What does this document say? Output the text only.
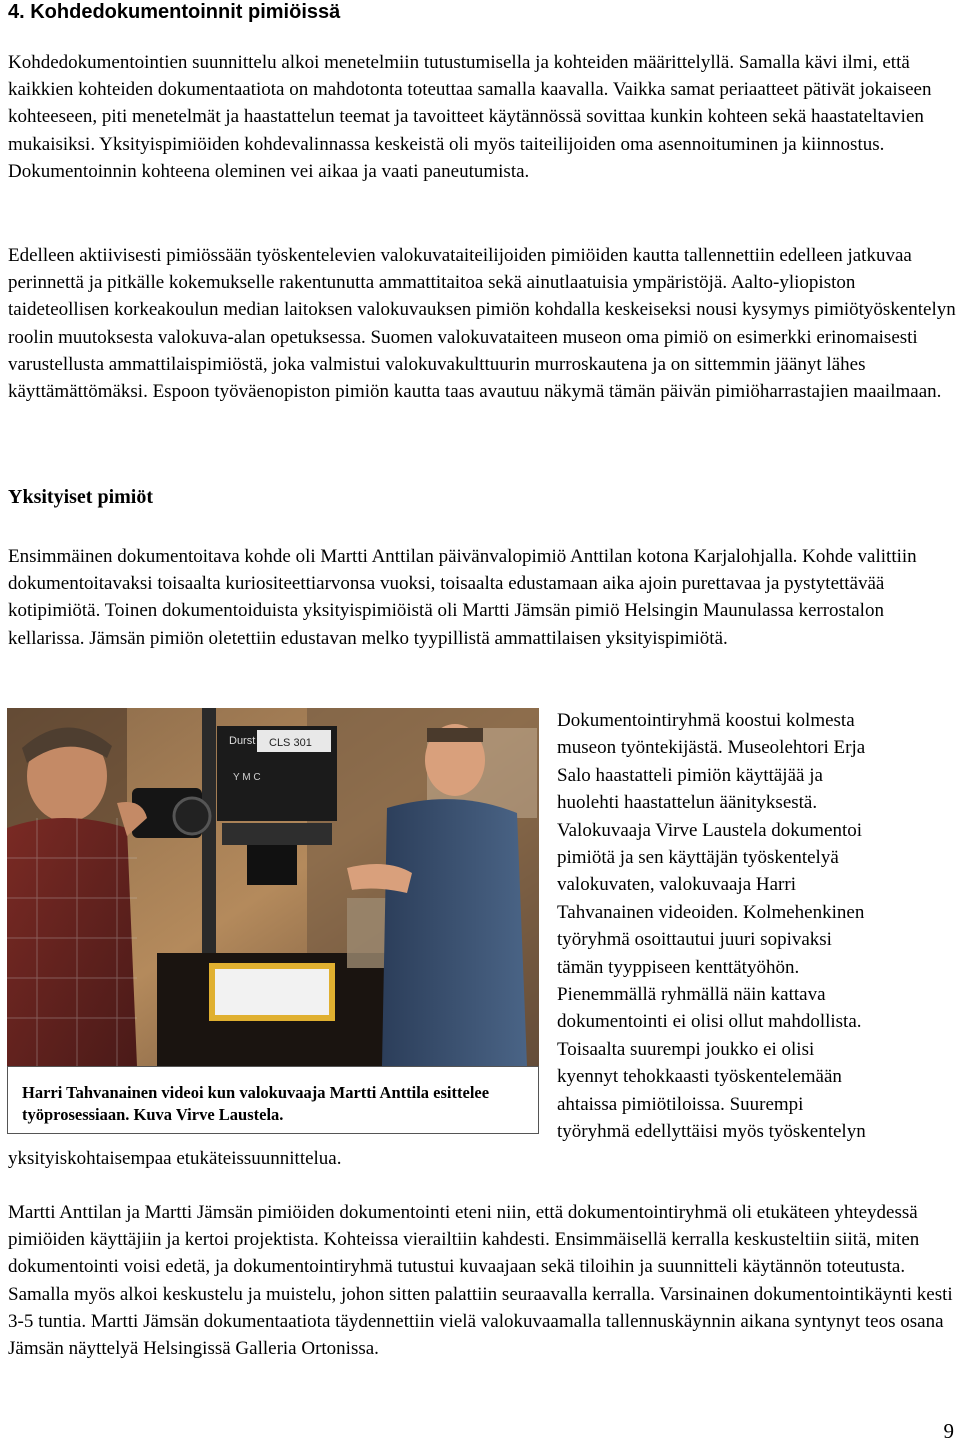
4. Kohdedokumentoinnit pimiöissä

Kohdedokumentointien suunnittelu alkoi menetelmiin tutustumisella ja kohteiden määrittelyllä. Samalla kävi ilmi, että kaikkien kohteiden dokumentaatiota on mahdotonta toteuttaa samalla kaavalla. Vaikka samat periaatteet pätivät jokaiseen kohteeseen, piti menetelmät ja haastattelun teemat ja tavoitteet käytännössä sovittaa kunkin kohteen sekä haastateltavien mukaisiksi. Yksityispimiöiden kohdevalinnassa keskeistä oli myös taiteilijoiden oma asennoituminen ja kiinnostus. Dokumentoinnin kohteena oleminen vei aikaa ja vaati paneutumista.

Edelleen aktiivisesti pimiössään työskentelevien valokuvataiteilijoiden pimiöiden kautta tallennettiin edelleen jatkuvaa perinnettä ja pitkälle kokemukselle rakentunutta ammattitaitoa sekä ainutlaatuisia ympäristöjä. Aalto-yliopiston taideteollisen korkeakoulun median laitoksen valokuvauksen pimiön kohdalla keskeiseksi nousi kysymys pimiötyöskentelyn roolin muutoksesta valokuva-alan opetuksessa. Suomen valokuvataiteen museon oma pimiö on esimerkki erinomaisesti varustellusta ammattilaispimiöstä, joka valmistui valokuvakulttuurin murroskautena ja on sittemmin jäänyt lähes käyttämättömäksi. Espoon työväenopiston pimiön kautta taas avautuu näkymä tämän päivän pimiöharrastajien maailmaan.

Yksityiset pimiöt

Ensimmäinen dokumentoitava kohde oli Martti Anttilan päivänvalopimiö Anttilan kotona Karjalohjalla. Kohde valittiin dokumentoitavaksi toisaalta kuriositeettiarvonsa vuoksi, toisaalta edustamaan aika ajoin purettavaa ja pystytettävää kotipimiötä. Toinen dokumentoiduista yksityispimiöistä oli Martti Jämsän pimiö Helsingin Maunulassa kerrostalon kellarissa. Jämsän pimiön oletettiin edustavan melko tyypillistä ammattilaisen yksityispimiötä.

Durst CLS 301
Y M C
Harri Tahvanainen videoi kun valokuvaaja Martti Anttila esittelee työprosessiaan. Kuva Virve Laustela.

Dokumentointiryhmä koostui kolmesta
museon työntekijästä. Museolehtori Erja
Salo haastatteli pimiön käyttäjää ja
huolehti haastattelun äänityksestä.
Valokuvaaja Virve Laustela dokumentoi
pimiötä ja sen käyttäjän työskentelyä
valokuvaten, valokuvaaja Harri
Tahvanainen videoiden. Kolmehenkinen
työryhmä osoittautui juuri sopivaksi
tämän tyyppiseen kenttätyöhön.
Pienemmällä ryhmällä näin kattava
dokumentointi ei olisi ollut mahdollista.
Toisaalta suurempi joukko ei olisi
kyennyt tehokkaasti työskentelemään
ahtaissa pimiötiloissa. Suurempi
työryhmä edellyttäisi myös työskentelyn

yksityiskohtaisempaa etukäteissuunnittelua.

Martti Anttilan ja Martti Jämsän pimiöiden dokumentointi eteni niin, että dokumentointiryhmä oli etukäteen yhteydessä pimiöiden käyttäjiin ja kertoi projektista. Kohteissa vierailtiin kahdesti. Ensimmäisellä kerralla keskusteltiin siitä, miten dokumentointi voisi edetä, ja dokumentointiryhmä tutustui kuvaajaan sekä tiloihin ja suunnitteli käytännön toteutusta. Samalla myös alkoi keskustelu ja muistelu, johon sitten palattiin seuraavalla kerralla. Varsinainen dokumentointikäynti kesti 3-5 tuntia. Martti Jämsän dokumentaatiota täydennettiin vielä valokuvaamalla tallennuskäynnin aikana syntynyt teos osana Jämsän näyttelyä Helsingissä Galleria Ortonissa.

9
